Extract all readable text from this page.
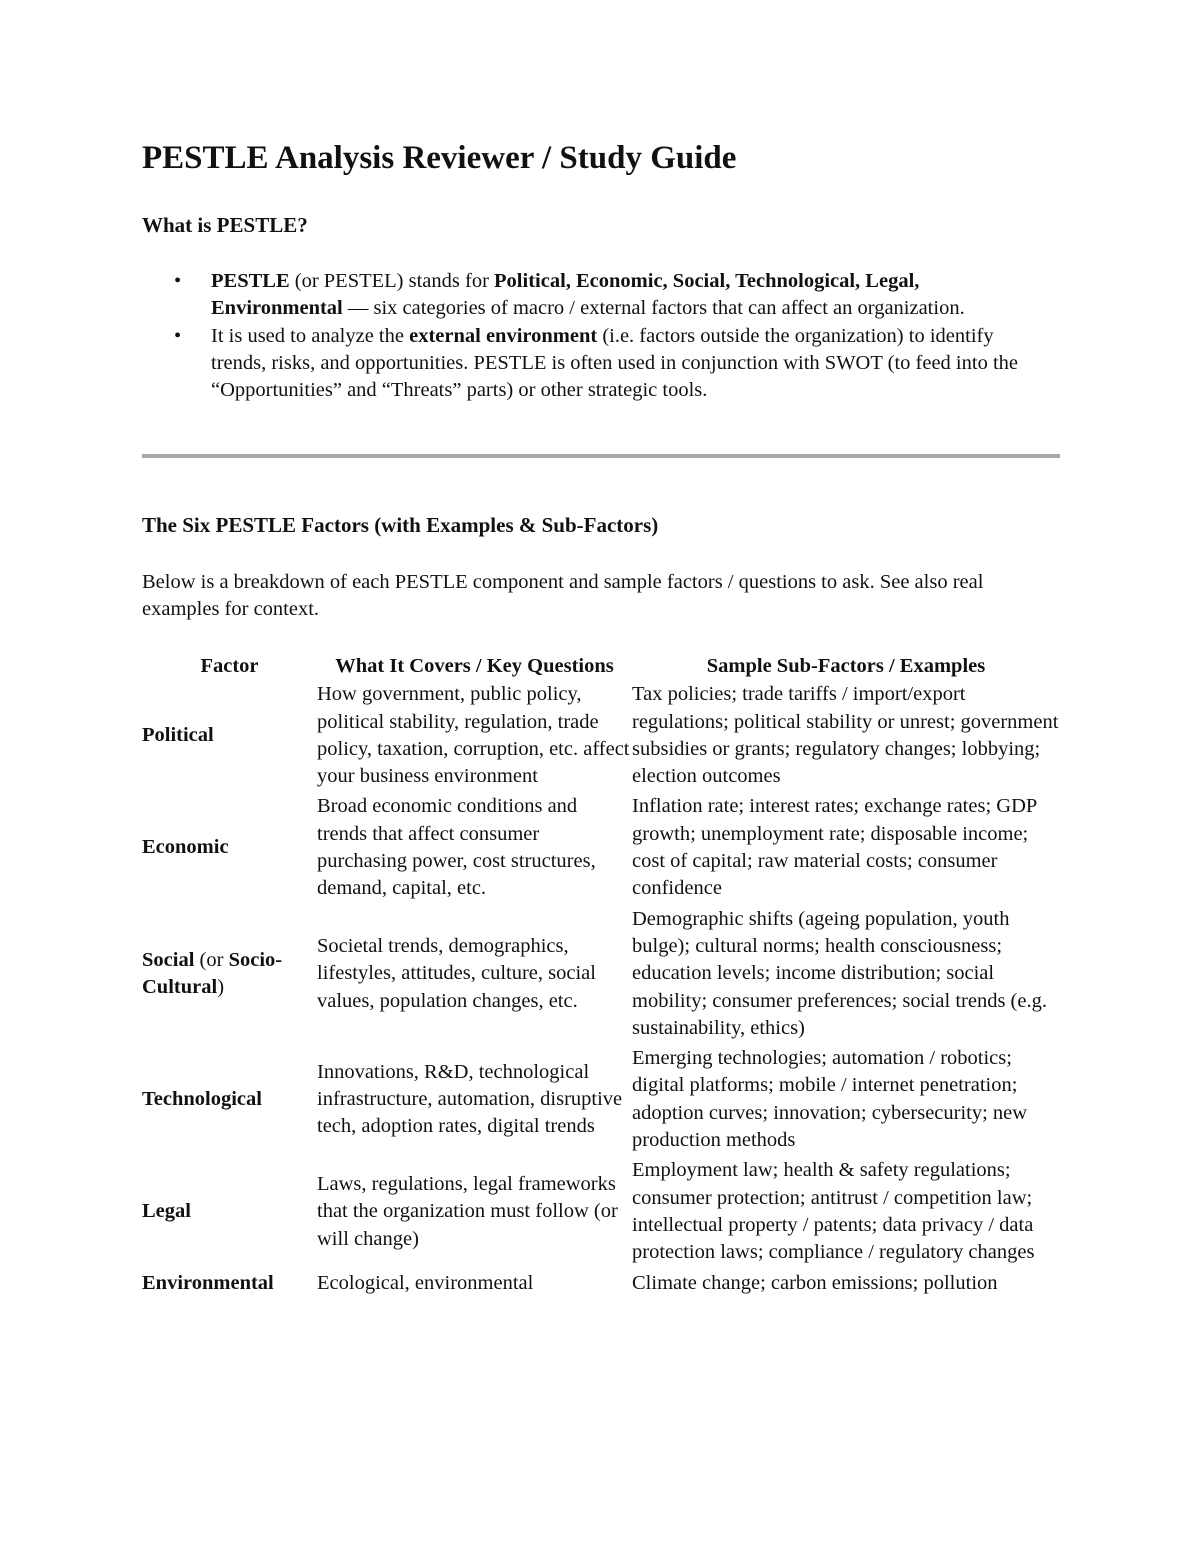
PESTLE Analysis Reviewer / Study Guide
What is PESTLE?
• PESTLE (or PESTEL) stands for Political, Economic, Social, Technological, Legal, Environmental — six categories of macro / external factors that can affect an organization.
• It is used to analyze the external environment (i.e. factors outside the organization) to identify trends, risks, and opportunities. PESTLE is often used in conjunction with SWOT (to feed into the “Opportunities” and “Threats” parts) or other strategic tools.
The Six PESTLE Factors (with Examples & Sub-Factors)

Below is a breakdown of each PESTLE component and sample factors / questions to ask. See also real examples for context.

Factor	What It Covers / Key Questions	Sample Sub-Factors / Examples
Political	How government, public policy, political stability, regulation, trade policy, taxation, corruption, etc. affect your business environment	Tax policies; trade tariffs / import/export regulations; political stability or unrest; government subsidies or grants; regulatory changes; lobbying; election outcomes
Economic	Broad economic conditions and trends that affect consumer purchasing power, cost structures, demand, capital, etc.	Inflation rate; interest rates; exchange rates; GDP growth; unemployment rate; disposable income; cost of capital; raw material costs; consumer confidence
Social (or Socio-Cultural)	Societal trends, demographics, lifestyles, attitudes, culture, social values, population changes, etc.	Demographic shifts (ageing population, youth bulge); cultural norms; health consciousness; education levels; income distribution; social mobility; consumer preferences; social trends (e.g. sustainability, ethics)
Technological	Innovations, R&D, technological infrastructure, automation, disruptive tech, adoption rates, digital trends	Emerging technologies; automation / robotics; digital platforms; mobile / internet penetration; adoption curves; innovation; cybersecurity; new production methods
Legal	Laws, regulations, legal frameworks that the organization must follow (or will change)	Employment law; health & safety regulations; consumer protection; antitrust / competition law; intellectual property / patents; data privacy / data protection laws; compliance / regulatory changes
Environmental	Ecological, environmental	Climate change; carbon emissions; pollution
